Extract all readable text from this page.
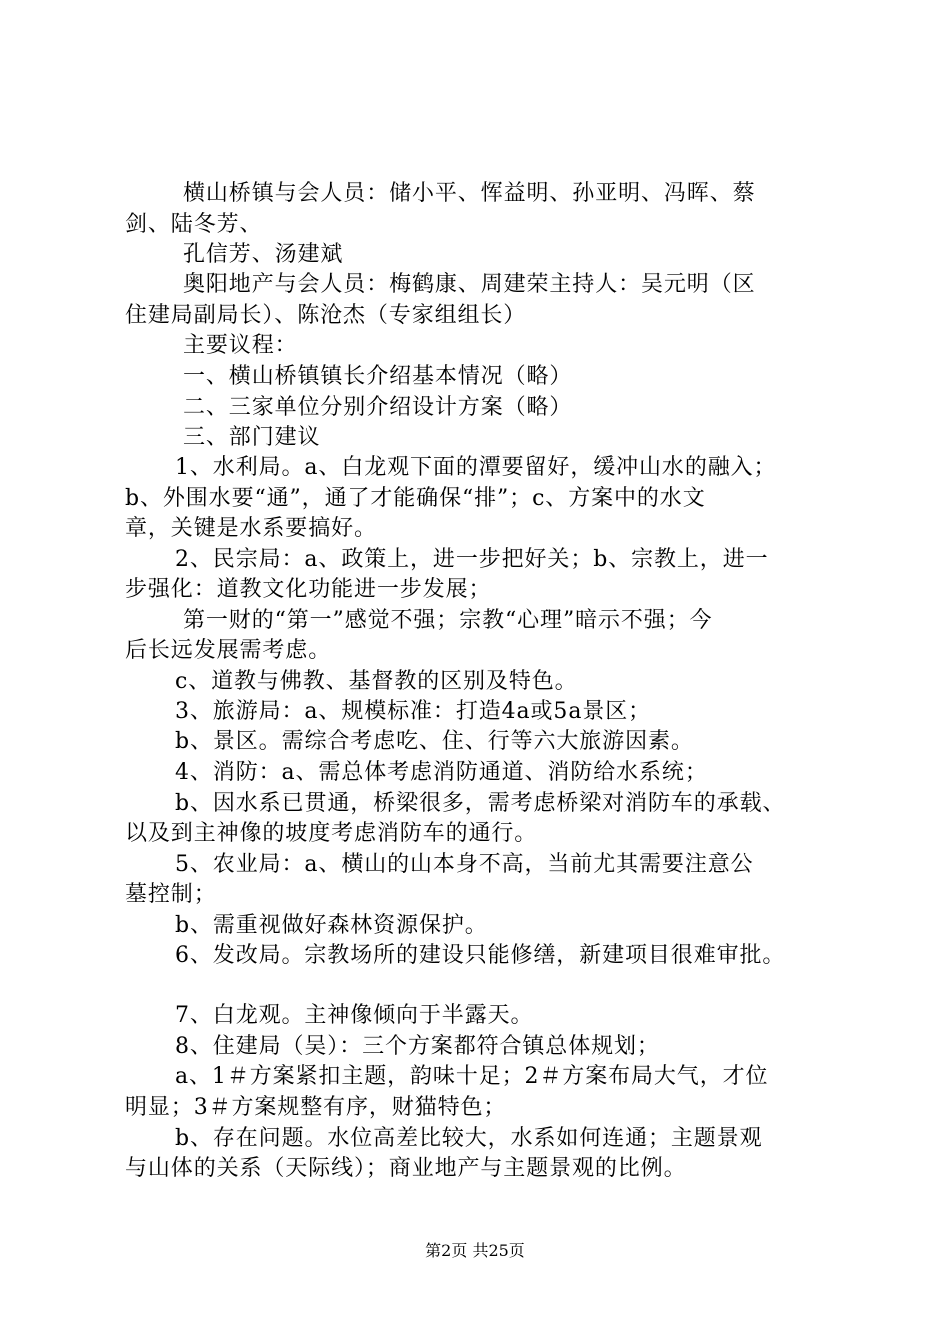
横山桥镇与会人员：储小平、恽益明、孙亚明、冯晖、蔡
剑、陆冬芳、
孔信芳、汤建斌
奥阳地产与会人员：梅鹤康、周建荣主持人：吴元明（区
住建局副局长）、陈沧杰（专家组组长）
主要议程：
一、横山桥镇镇长介绍基本情况（略）
二、三家单位分别介绍设计方案（略）
三、部门建议
1、水利局。a、白龙观下面的潭要留好，缓冲山水的融入；
b、外围水要“通”，通了才能确保“排”；c、方案中的水文
章，关键是水系要搞好。
2、民宗局：a、政策上，进一步把好关；b、宗教上，进一
步强化：道教文化功能进一步发展；
第一财的“第一”感觉不强；宗教“心理”暗示不强；今
后长远发展需考虑。
c、道教与佛教、基督教的区别及特色。
3、旅游局：a、规模标准：打造4a或5a景区；
b、景区。需综合考虑吃、住、行等六大旅游因素。
4、消防：a、需总体考虑消防通道、消防给水系统；
b、因水系已贯通，桥梁很多，需考虑桥梁对消防车的承载、
以及到主神像的坡度考虑消防车的通行。
5、农业局：a、横山的山本身不高，当前尤其需要注意公
墓控制；
b、需重视做好森林资源保护。
6、发改局。宗教场所的建设只能修缮，新建项目很难审批。
7、白龙观。主神像倾向于半露天。
8、住建局（吴）：三个方案都符合镇总体规划；
a、1＃方案紧扣主题，韵味十足；2＃方案布局大气，才位
明显；3＃方案规整有序，财猫特色；
b、存在问题。水位高差比较大，水系如何连通；主题景观
与山体的关系（天际线）；商业地产与主题景观的比例。
第2页 共25页
